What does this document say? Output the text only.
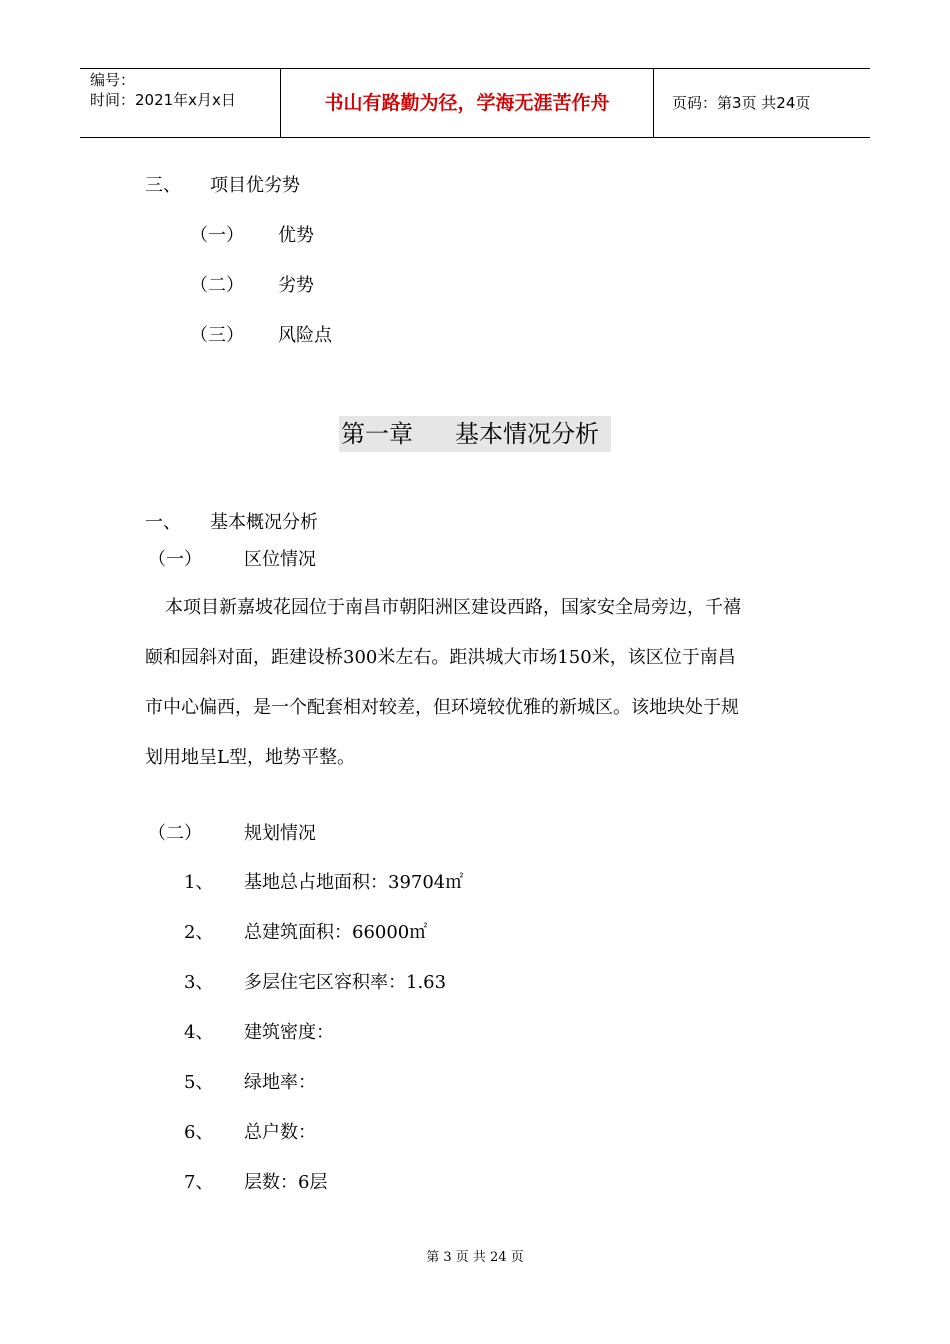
编号：
时间：2021年x月x日	书山有路勤为径，学海无涯苦作舟	页码：第3页 共24页
三、 项目优劣势
（一） 优势
（二） 劣势
（三） 风险点
第一章 基本情况分析
一、 基本概况分析
（一） 区位情况
本项目新嘉坡花园位于南昌市朝阳洲区建设西路，国家安全局旁边，千禧
颐和园斜对面，距建设桥300米左右。距洪城大市场150米，该区位于南昌
市中心偏西，是一个配套相对较差，但环境较优雅的新城区。该地块处于规
划用地呈L型，地势平整。
（二） 规划情况
1、 基地总占地面积：39704㎡
2、 总建筑面积：66000㎡
3、 多层住宅区容积率：1.63
4、 建筑密度：
5、 绿地率：
6、 总户数：
7、 层数：6层
第 3 页 共 24 页
